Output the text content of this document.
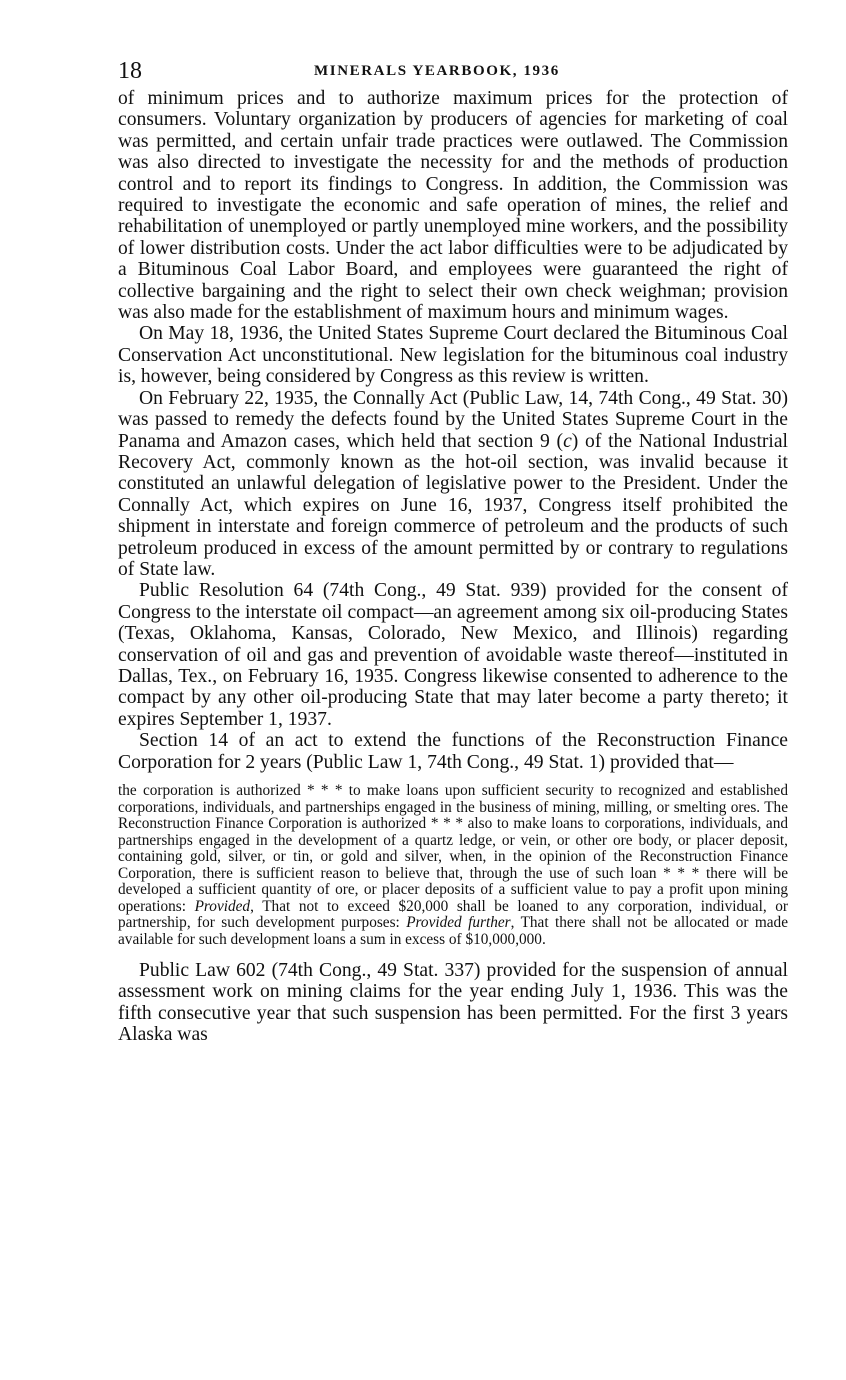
18	MINERALS YEARBOOK, 1936

of minimum prices and to authorize maximum prices for the protection of consumers. Voluntary organization by producers of agencies for marketing of coal was permitted, and certain unfair trade practices were outlawed. The Commission was also directed to investigate the necessity for and the methods of production control and to report its findings to Congress. In addition, the Commission was required to investigate the economic and safe operation of mines, the relief and rehabilitation of unemployed or partly unemployed mine workers, and the possibility of lower distribution costs. Under the act labor difficulties were to be adjudicated by a Bituminous Coal Labor Board, and employees were guaranteed the right of collective bargaining and the right to select their own check weighman; provision was also made for the establishment of maximum hours and minimum wages.

On May 18, 1936, the United States Supreme Court declared the Bituminous Coal Conservation Act unconstitutional. New legislation for the bituminous coal industry is, however, being considered by Congress as this review is written.

On February 22, 1935, the Connally Act (Public Law, 14, 74th Cong., 49 Stat. 30) was passed to remedy the defects found by the United States Supreme Court in the Panama and Amazon cases, which held that section 9 (c) of the National Industrial Recovery Act, commonly known as the hot-oil section, was invalid because it constituted an unlawful delegation of legislative power to the President. Under the Connally Act, which expires on June 16, 1937, Congress itself prohibited the shipment in interstate and foreign commerce of petroleum and the products of such petroleum produced in excess of the amount permitted by or contrary to regulations of State law.

Public Resolution 64 (74th Cong., 49 Stat. 939) provided for the consent of Congress to the interstate oil compact—an agreement among six oil-producing States (Texas, Oklahoma, Kansas, Colorado, New Mexico, and Illinois) regarding conservation of oil and gas and prevention of avoidable waste thereof—instituted in Dallas, Tex., on February 16, 1935. Congress likewise consented to adherence to the compact by any other oil-producing State that may later become a party thereto; it expires September 1, 1937.

Section 14 of an act to extend the functions of the Reconstruction Finance Corporation for 2 years (Public Law 1, 74th Cong., 49 Stat. 1) provided that—

the corporation is authorized * * * to make loans upon sufficient security to recognized and established corporations, individuals, and partnerships engaged in the business of mining, milling, or smelting ores. The Reconstruction Finance Corporation is authorized * * * also to make loans to corporations, individuals, and partnerships engaged in the development of a quartz ledge, or vein, or other ore body, or placer deposit, containing gold, silver, or tin, or gold and silver, when, in the opinion of the Reconstruction Finance Corporation, there is sufficient reason to believe that, through the use of such loan * * * there will be developed a sufficient quantity of ore, or placer deposits of a sufficient value to pay a profit upon mining operations: Provided, That not to exceed $20,000 shall be loaned to any corporation, individual, or partnership, for such development purposes: Provided further, That there shall not be allocated or made available for such development loans a sum in excess of $10,000,000.

Public Law 602 (74th Cong., 49 Stat. 337) provided for the suspension of annual assessment work on mining claims for the year ending July 1, 1936. This was the fifth consecutive year that such suspension has been permitted. For the first 3 years Alaska was
